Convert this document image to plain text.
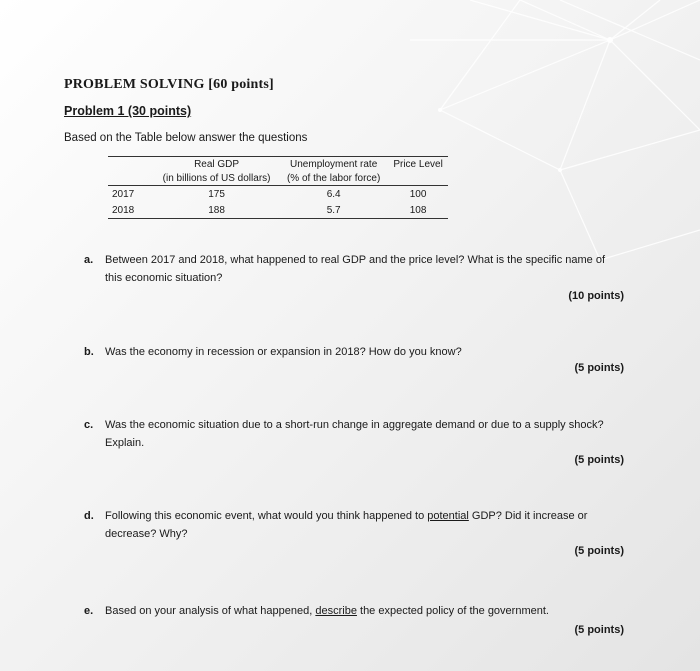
PROBLEM SOLVING [60 points]
Problem 1 (30 points)
Based on the Table below answer the questions
	Real GDP	Unemployment rate	Price Level
	(in billions of US dollars)	(% of the labor force)	
2017	175	6.4	100
2018	188	5.7	108
a. Between 2017 and 2018, what happened to real GDP and the price level? What is the specific name of this economic situation?
(10 points)
b. Was the economy in recession or expansion in 2018? How do you know?
(5 points)
c. Was the economic situation due to a short-run change in aggregate demand or due to a supply shock? Explain.
(5 points)
d. Following this economic event, what would you think happened to potential GDP? Did it increase or decrease? Why?
(5 points)
e. Based on your analysis of what happened, describe the expected policy of the government.
(5 points)
